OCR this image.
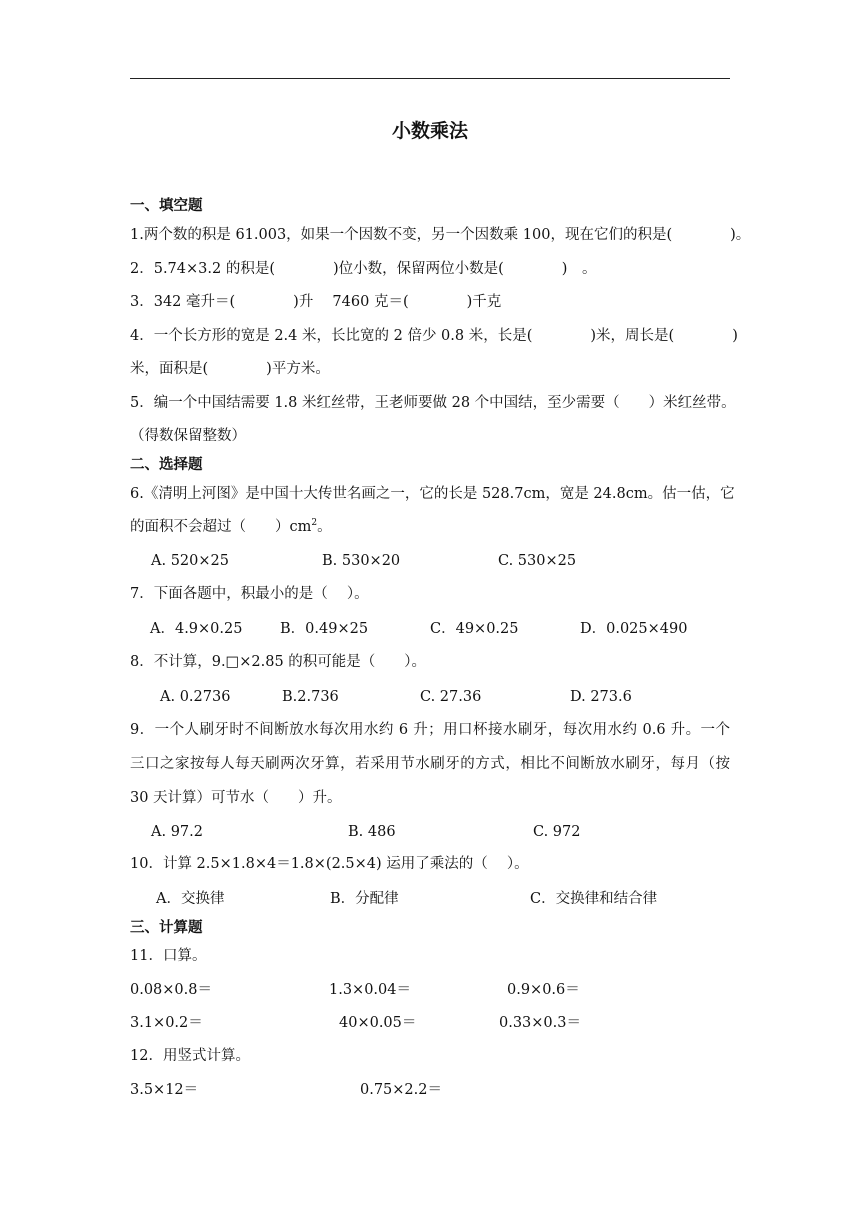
小数乘法
一、填空题
1.两个数的积是 61.003，如果一个因数不变，另一个因数乘 100，现在它们的积是(　　　　)。
2．5.74×3.2 的积是(　　　　)位小数，保留两位小数是(　　　　)　。
3．342 毫升＝(　　　　)升　 7460 克＝(　　　　)千克
4．一个长方形的宽是 2.4 米，长比宽的 2 倍少 0.8 米，长是(　　　　)米，周长是(　　　　)
米，面积是(　　　　)平方米。
5．编一个中国结需要 1.8 米红丝带，王老师要做 28 个中国结，至少需要（　　）米红丝带。
（得数保留整数）
二、选择题
6.《清明上河图》是中国十大传世名画之一，它的长是 528.7cm，宽是 24.8cm。估一估，它
的面积不会超过（　　）$cm^2$。
A. 520×25	B. 530×20	C. 530×25
7．下面各题中，积最小的是（　 ）。
A．4.9×0.25	B．0.49×25	C．49×0.25	D．0.025×490
8．不计算，9.□×2.85 的积可能是（　　）。
A. 0.2736	B.2.736	C. 27.36	D. 273.6
9．一个人刷牙时不间断放水每次用水约 6 升；用口杯接水刷牙，每次用水约 0.6 升。一个
三口之家按每人每天刷两次牙算，若采用节水刷牙的方式，相比不间断放水刷牙，每月（按
30 天计算）可节水（　　）升。
A. 97.2	B. 486	C. 972
10．计算 2.5×1.8×4＝1.8×(2.5×4) 运用了乘法的（　 ）。
A．交换律	B．分配律	C．交换律和结合律
三、计算题
11．口算。
0.08×0.8＝	1.3×0.04＝	0.9×0.6＝
3.1×0.2＝	40×0.05＝	0.33×0.3＝
12．用竖式计算。
3.5×12＝	0.75×2.2＝
